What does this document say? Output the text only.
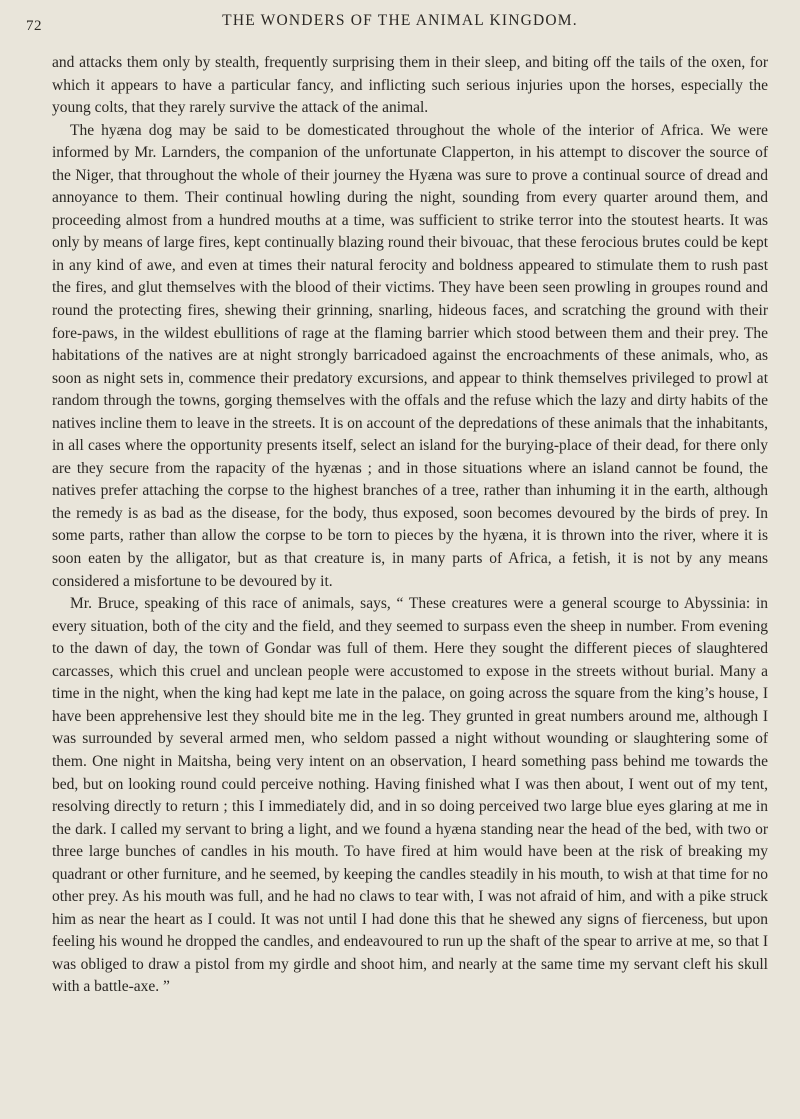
72	THE WONDERS OF THE ANIMAL KINGDOM.

and attacks them only by stealth, frequently surprising them in their sleep, and biting off the tails of the oxen, for which it appears to have a particular fancy, and inflicting such serious injuries upon the horses, especially the young colts, that they rarely survive the attack of the animal.

The hyæna dog may be said to be domesticated throughout the whole of the interior of Africa. We were informed by Mr. Larnders, the companion of the unfortunate Clapperton, in his attempt to discover the source of the Niger, that throughout the whole of their journey the Hyæna was sure to prove a continual source of dread and annoyance to them. Their continual howling during the night, sounding from every quarter around them, and proceeding almost from a hundred mouths at a time, was sufficient to strike terror into the stoutest hearts. It was only by means of large fires, kept continually blazing round their bivouac, that these ferocious brutes could be kept in any kind of awe, and even at times their natural ferocity and boldness appeared to stimulate them to rush past the fires, and glut themselves with the blood of their victims. They have been seen prowling in groupes round and round the protecting fires, shewing their grinning, snarling, hideous faces, and scratching the ground with their fore-paws, in the wildest ebullitions of rage at the flaming barrier which stood between them and their prey. The habitations of the natives are at night strongly barricadoed against the encroachments of these animals, who, as soon as night sets in, commence their predatory excursions, and appear to think themselves privileged to prowl at random through the towns, gorging themselves with the offals and the refuse which the lazy and dirty habits of the natives incline them to leave in the streets. It is on account of the depredations of these animals that the inhabitants, in all cases where the opportunity presents itself, select an island for the burying-place of their dead, for there only are they secure from the rapacity of the hyænas ; and in those situations where an island cannot be found, the natives prefer attaching the corpse to the highest branches of a tree, rather than inhuming it in the earth, although the remedy is as bad as the disease, for the body, thus exposed, soon becomes devoured by the birds of prey. In some parts, rather than allow the corpse to be torn to pieces by the hyæna, it is thrown into the river, where it is soon eaten by the alligator, but as that creature is, in many parts of Africa, a fetish, it is not by any means considered a misfortune to be devoured by it.

Mr. Bruce, speaking of this race of animals, says, “ These creatures were a general scourge to Abyssinia: in every situation, both of the city and the field, and they seemed to surpass even the sheep in number. From evening to the dawn of day, the town of Gondar was full of them. Here they sought the different pieces of slaughtered carcasses, which this cruel and unclean people were accustomed to expose in the streets without burial. Many a time in the night, when the king had kept me late in the palace, on going across the square from the king’s house, I have been apprehensive lest they should bite me in the leg. They grunted in great numbers around me, although I was surrounded by several armed men, who seldom passed a night without wounding or slaughtering some of them. One night in Maitsha, being very intent on an observation, I heard something pass behind me towards the bed, but on looking round could perceive nothing. Having finished what I was then about, I went out of my tent, resolving directly to return ; this I immediately did, and in so doing perceived two large blue eyes glaring at me in the dark. I called my servant to bring a light, and we found a hyæna standing near the head of the bed, with two or three large bunches of candles in his mouth. To have fired at him would have been at the risk of breaking my quadrant or other furniture, and he seemed, by keeping the candles steadily in his mouth, to wish at that time for no other prey. As his mouth was full, and he had no claws to tear with, I was not afraid of him, and with a pike struck him as near the heart as I could. It was not until I had done this that he shewed any signs of fierceness, but upon feeling his wound he dropped the candles, and endeavoured to run up the shaft of the spear to arrive at me, so that I was obliged to draw a pistol from my girdle and shoot him, and nearly at the same time my servant cleft his skull with a battle-axe. ”
